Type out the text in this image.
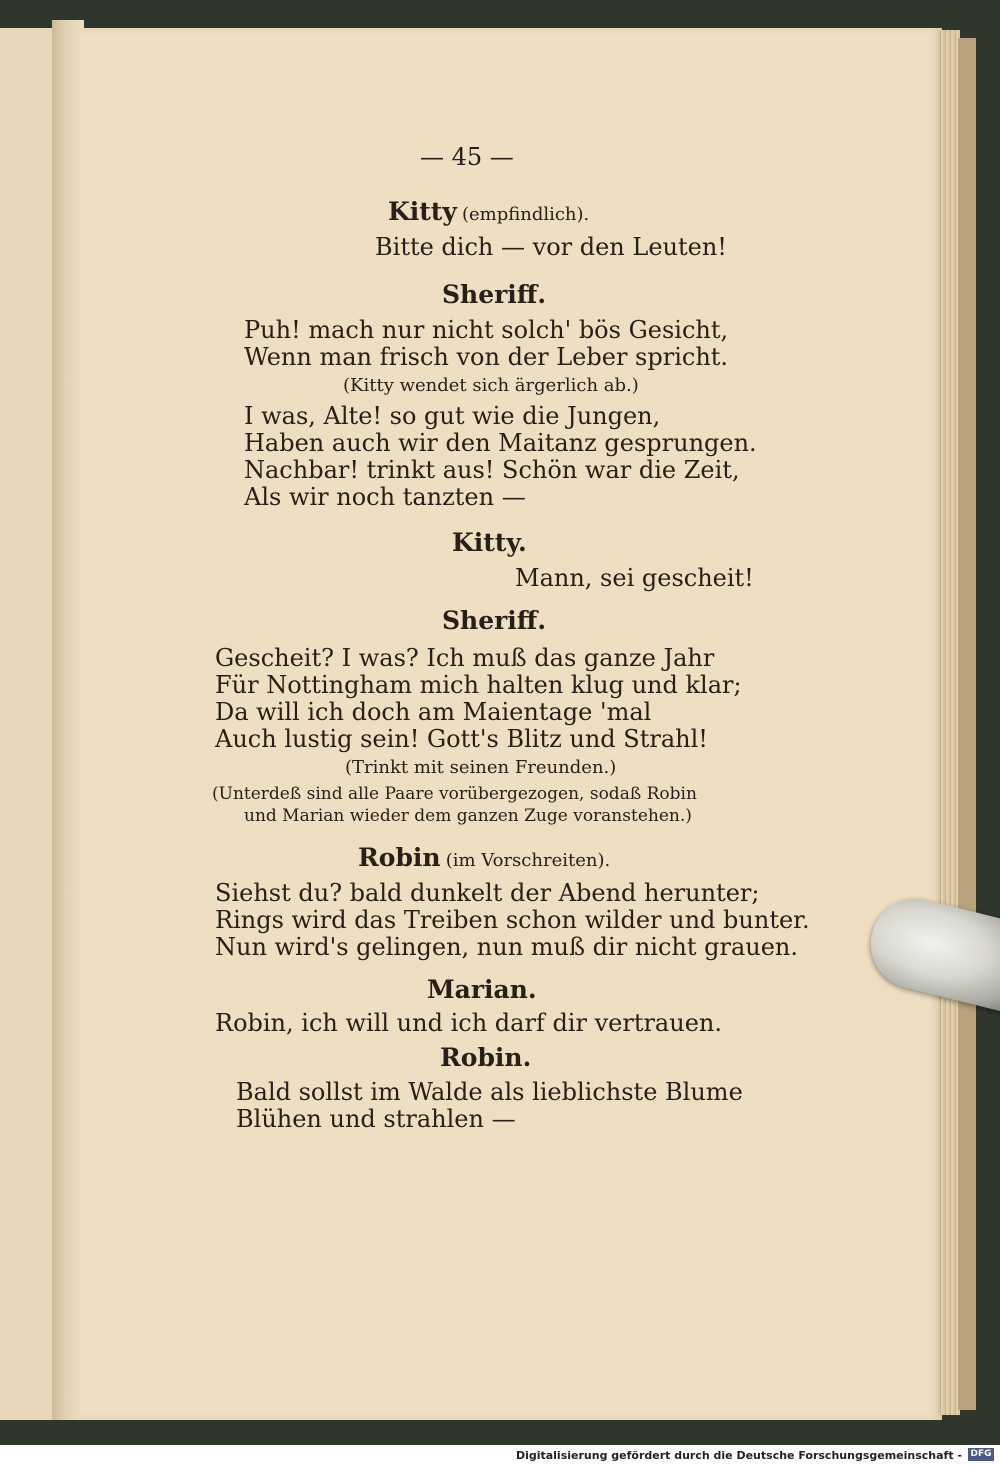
— 45 —
Kitty (empfindlich).
Bitte dich — vor den Leuten!
Sheriff.
Puh! mach nur nicht solch' bös Gesicht,
Wenn man frisch von der Leber spricht.
(Kitty wendet sich ärgerlich ab.)
I was, Alte! so gut wie die Jungen,
Haben auch wir den Maitanz gesprungen.
Nachbar! trinkt aus! Schön war die Zeit,
Als wir noch tanzten —
Kitty.
Mann, sei gescheit!
Sheriff.
Gescheit? I was? Ich muß das ganze Jahr
Für Nottingham mich halten klug und klar;
Da will ich doch am Maientage 'mal
Auch lustig sein! Gott's Blitz und Strahl!
(Trinkt mit seinen Freunden.)
(Unterdeß sind alle Paare vorübergezogen, sodaß Robin
und Marian wieder dem ganzen Zuge voranstehen.)
Robin (im Vorschreiten).
Siehst du? bald dunkelt der Abend herunter;
Rings wird das Treiben schon wilder und bunter.
Nun wird's gelingen, nun muß dir nicht grauen.
Marian.
Robin, ich will und ich darf dir vertrauen.
Robin.
Bald sollst im Walde als lieblichste Blume
Blühen und strahlen —
Digitalisierung gefördert durch die Deutsche Forschungsgemeinschaft - DFG
